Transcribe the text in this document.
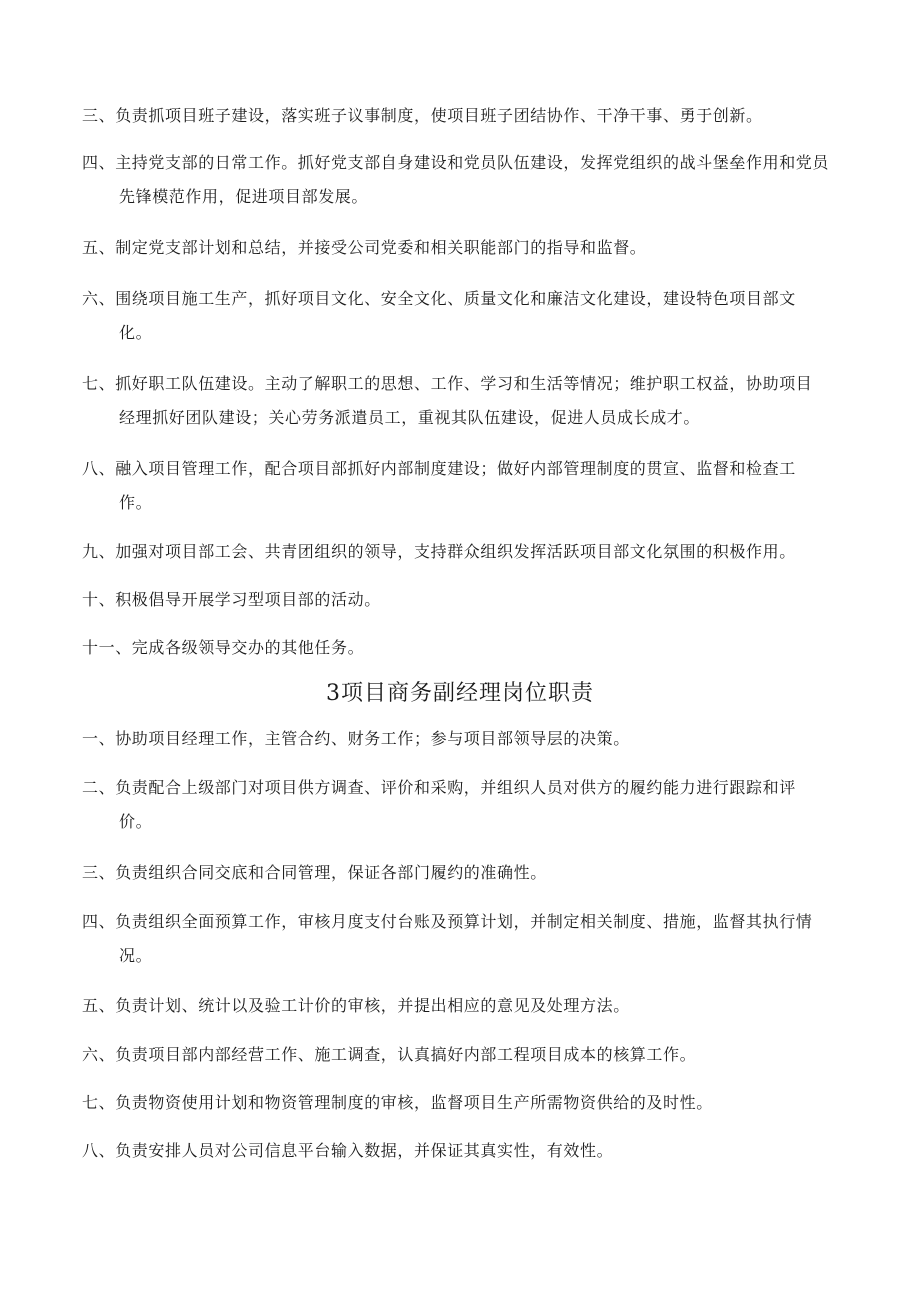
三、负责抓项目班子建设，落实班子议事制度，使项目班子团结协作、干净干事、勇于创新。
四、主持党支部的日常工作。抓好党支部自身建设和党员队伍建设，发挥党组织的战斗堡垒作用和党员
先锋模范作用，促进项目部发展。
五、制定党支部计划和总结，并接受公司党委和相关职能部门的指导和监督。
六、围绕项目施工生产，抓好项目文化、安全文化、质量文化和廉洁文化建设，建设特色项目部文
化。
七、抓好职工队伍建设。主动了解职工的思想、工作、学习和生活等情况；维护职工权益，协助项目
经理抓好团队建设；关心劳务派遣员工，重视其队伍建设，促进人员成长成才。
八、融入项目管理工作，配合项目部抓好内部制度建设；做好内部管理制度的贯宣、监督和检查工
作。
九、加强对项目部工会、共青团组织的领导，支持群众组织发挥活跃项目部文化氛围的积极作用。
十、积极倡导开展学习型项目部的活动。
十一、完成各级领导交办的其他任务。
3项目商务副经理岗位职责
一、协助项目经理工作，主管合约、财务工作；参与项目部领导层的决策。
二、负责配合上级部门对项目供方调查、评价和采购，并组织人员对供方的履约能力进行跟踪和评
价。
三、负责组织合同交底和合同管理，保证各部门履约的准确性。
四、负责组织全面预算工作，审核月度支付台账及预算计划，并制定相关制度、措施，监督其执行情
况。
五、负责计划、统计以及验工计价的审核，并提出相应的意见及处理方法。
六、负责项目部内部经营工作、施工调查，认真搞好内部工程项目成本的核算工作。
七、负责物资使用计划和物资管理制度的审核，监督项目生产所需物资供给的及时性。
八、负责安排人员对公司信息平台输入数据，并保证其真实性，有效性。
